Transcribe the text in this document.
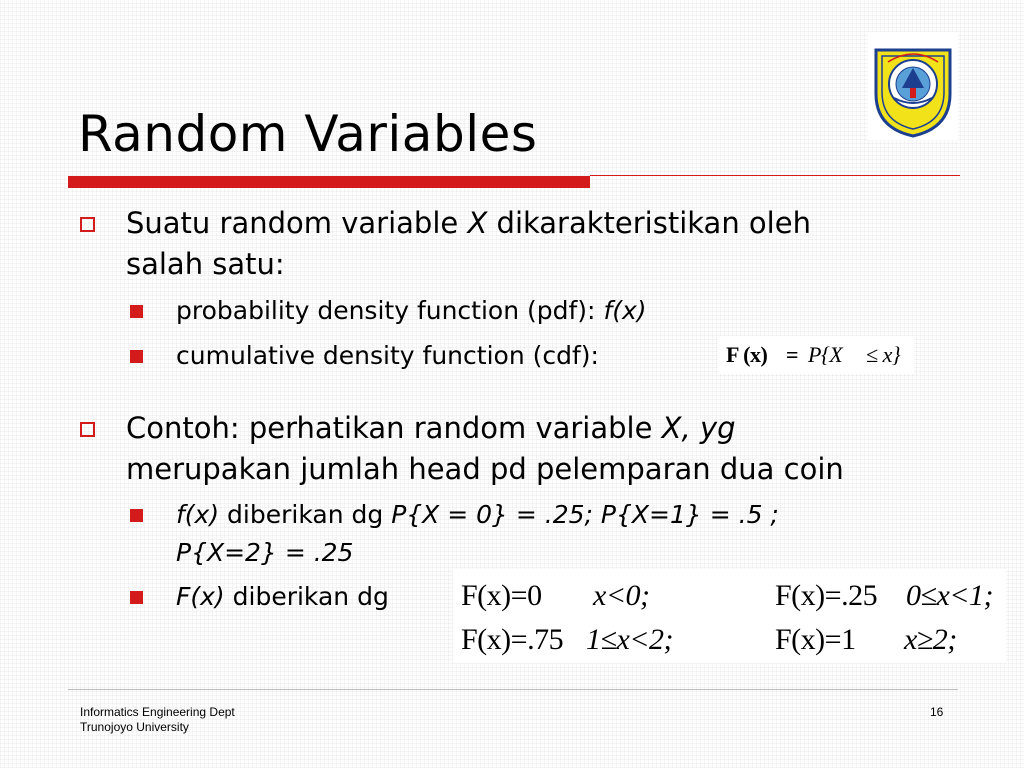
Random Variables
Suatu random variable X dikarakteristikan oleh
salah satu:
probability density function (pdf): f(x)
cumulative density function (cdf):	F (x) = P{X ≤ x}
Contoh: perhatikan random variable X, yg
merupakan jumlah head pd pelemparan dua coin
f(x) diberikan dg P{X = 0} = .25; P{X=1} = .5 ;
P{X=2} = .25
F(x) diberikan dg F(x)=0 x<0;	F(x)=.25 0≤x<1;
F(x)=.75 1≤x<2;	F(x)=1 x≥2;
Informatics Engineering Dept
Trunojoyo University
16
